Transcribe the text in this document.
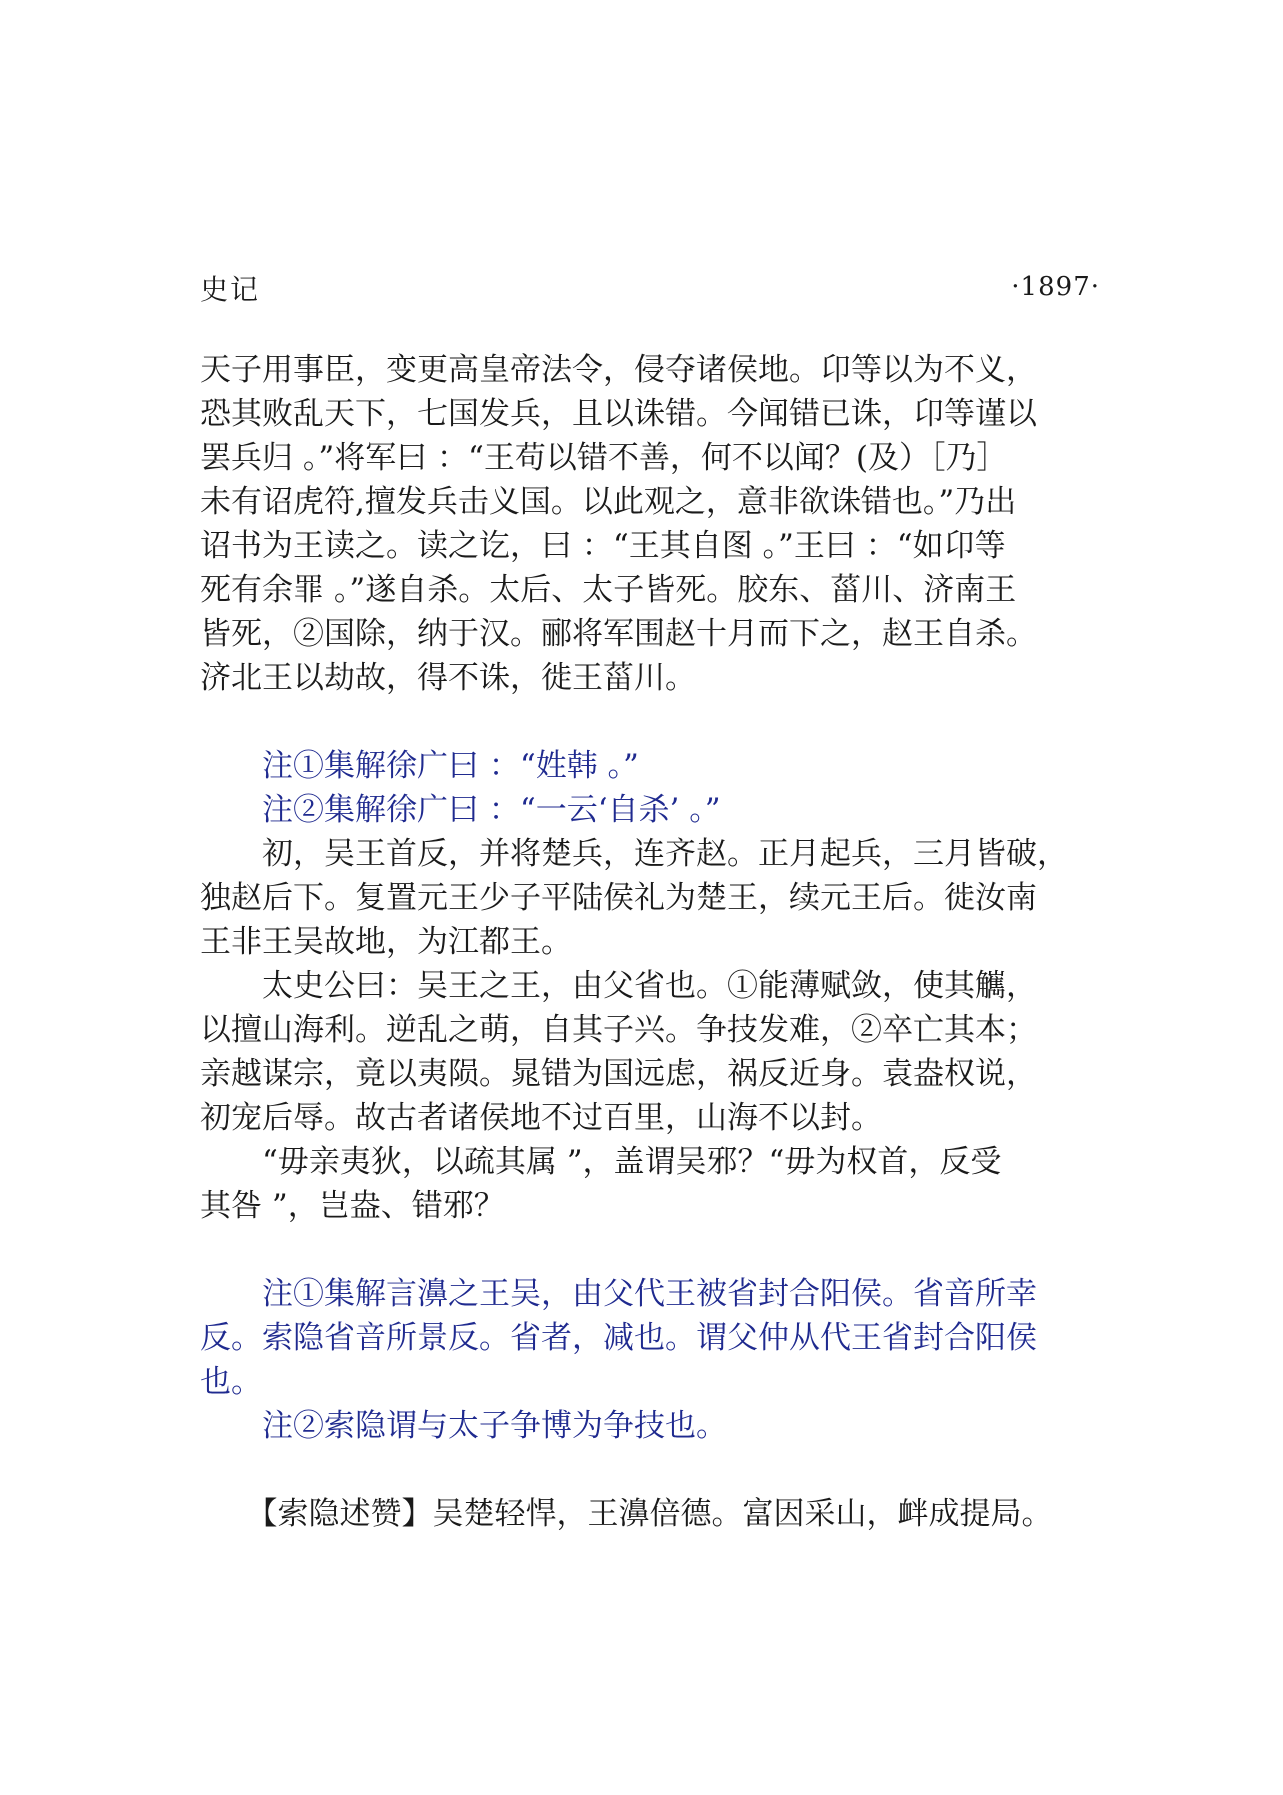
史记	·1897·
天子用事臣，变更高皇帝法令，侵夺诸侯地。卬等以为不义，
恐其败乱天下，七国发兵，且以诛错。今闻错已诛，卬等谨以
罢兵归 。”将军曰 ：“王苟以错不善，何不以闻？(及）［乃］
未有诏虎符,擅发兵击义国。以此观之，意非欲诛错也。”乃出
诏书为王读之。读之讫，曰 ：“王其自图 。”王曰 ：“如卬等
死有余罪 。”遂自杀。太后、太子皆死。胶东、菑川、济南王
皆死，②国除，纳于汉。郦将军围赵十月而下之，赵王自杀。
济北王以劫故，得不诛，徙王菑川。
　　注①集解徐广曰 ：“姓韩 。”
　　注②集解徐广曰 ：“一云‘自杀’ 。”
　　初，吴王首反，并将楚兵，连齐赵。正月起兵，三月皆破，
独赵后下。复置元王少子平陆侯礼为楚王，续元王后。徙汝南
王非王吴故地，为江都王。
　　太史公曰：吴王之王，由父省也。①能薄赋敛，使其觽，
以擅山海利。逆乱之萌，自其子兴。争技发难，②卒亡其本；
亲越谋宗，竟以夷陨。晁错为国远虑，祸反近身。袁盎权说，
初宠后辱。故古者诸侯地不过百里，山海不以封。
　　“毋亲夷狄，以疏其属 ”，盖谓吴邪？“毋为权首，反受
其咎 ”，岂盎、错邪？
　　注①集解言濞之王吴，由父代王被省封合阳侯。省音所幸
反。索隐省音所景反。省者，减也。谓父仲从代王省封合阳侯
也。
　　注②索隐谓与太子争博为争技也。
　　【索隐述赞】吴楚轻悍，王濞倍德。富因采山，衅成提局。
